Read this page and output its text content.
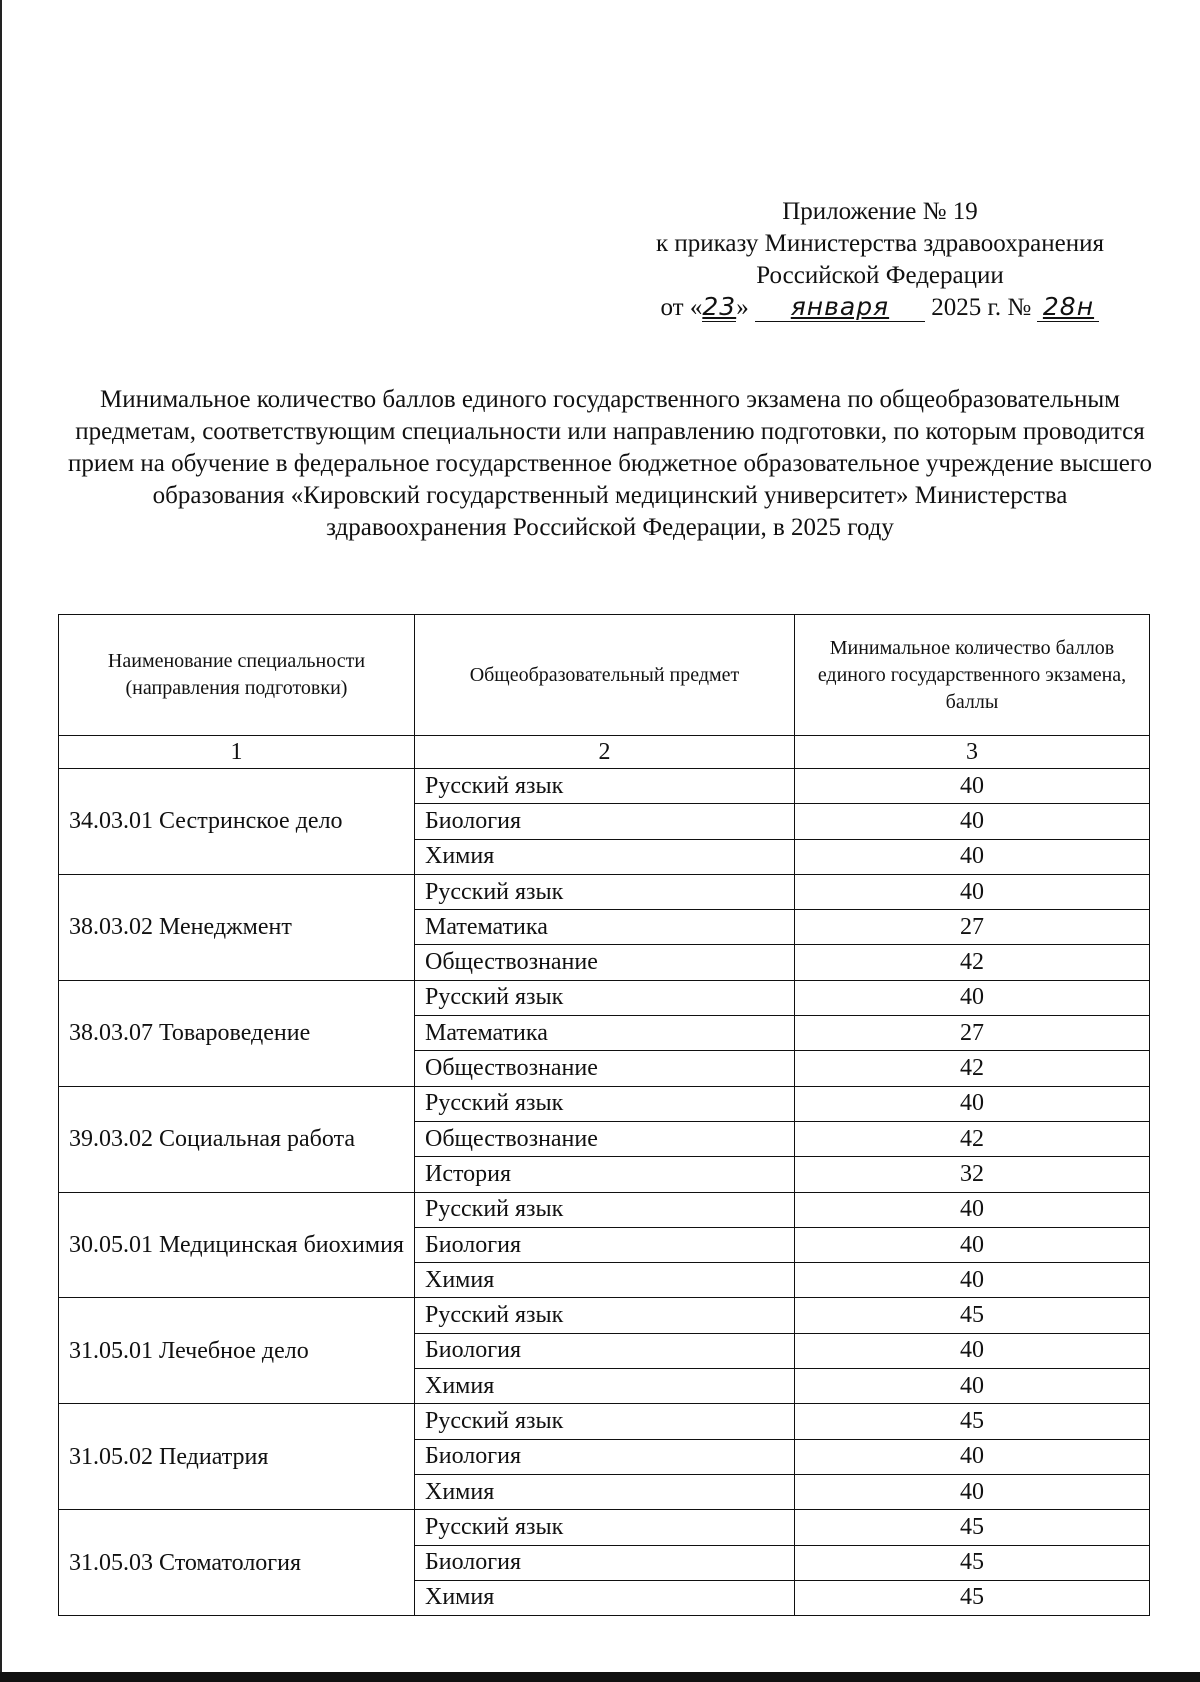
Приложение № 19
к приказу Министерства здравоохранения
Российской Федерации
от «23» января 2025 г. № 28н
Минимальное количество баллов единого государственного экзамена по общеобразовательным предметам, соответствующим специальности или направлению подготовки, по которым проводится прием на обучение в федеральное государственное бюджетное образовательное учреждение высшего образования «Кировский государственный медицинский университет» Министерства здравоохранения Российской Федерации, в 2025 году
Наименование специальности (направления подготовки)	Общеобразовательный предмет	Минимальное количество баллов единого государственного экзамена, баллы
1	2	3
34.03.01 Сестринское дело	Русский язык	40
	Биология	40
	Химия	40
38.03.02 Менеджмент	Русский язык	40
	Математика	27
	Обществознание	42
38.03.07 Товароведение	Русский язык	40
	Математика	27
	Обществознание	42
39.03.02 Социальная работа	Русский язык	40
	Обществознание	42
	История	32
30.05.01 Медицинская биохимия	Русский язык	40
	Биология	40
	Химия	40
31.05.01 Лечебное дело	Русский язык	45
	Биология	40
	Химия	40
31.05.02 Педиатрия	Русский язык	45
	Биология	40
	Химия	40
31.05.03 Стоматология	Русский язык	45
	Биология	45
	Химия	45
